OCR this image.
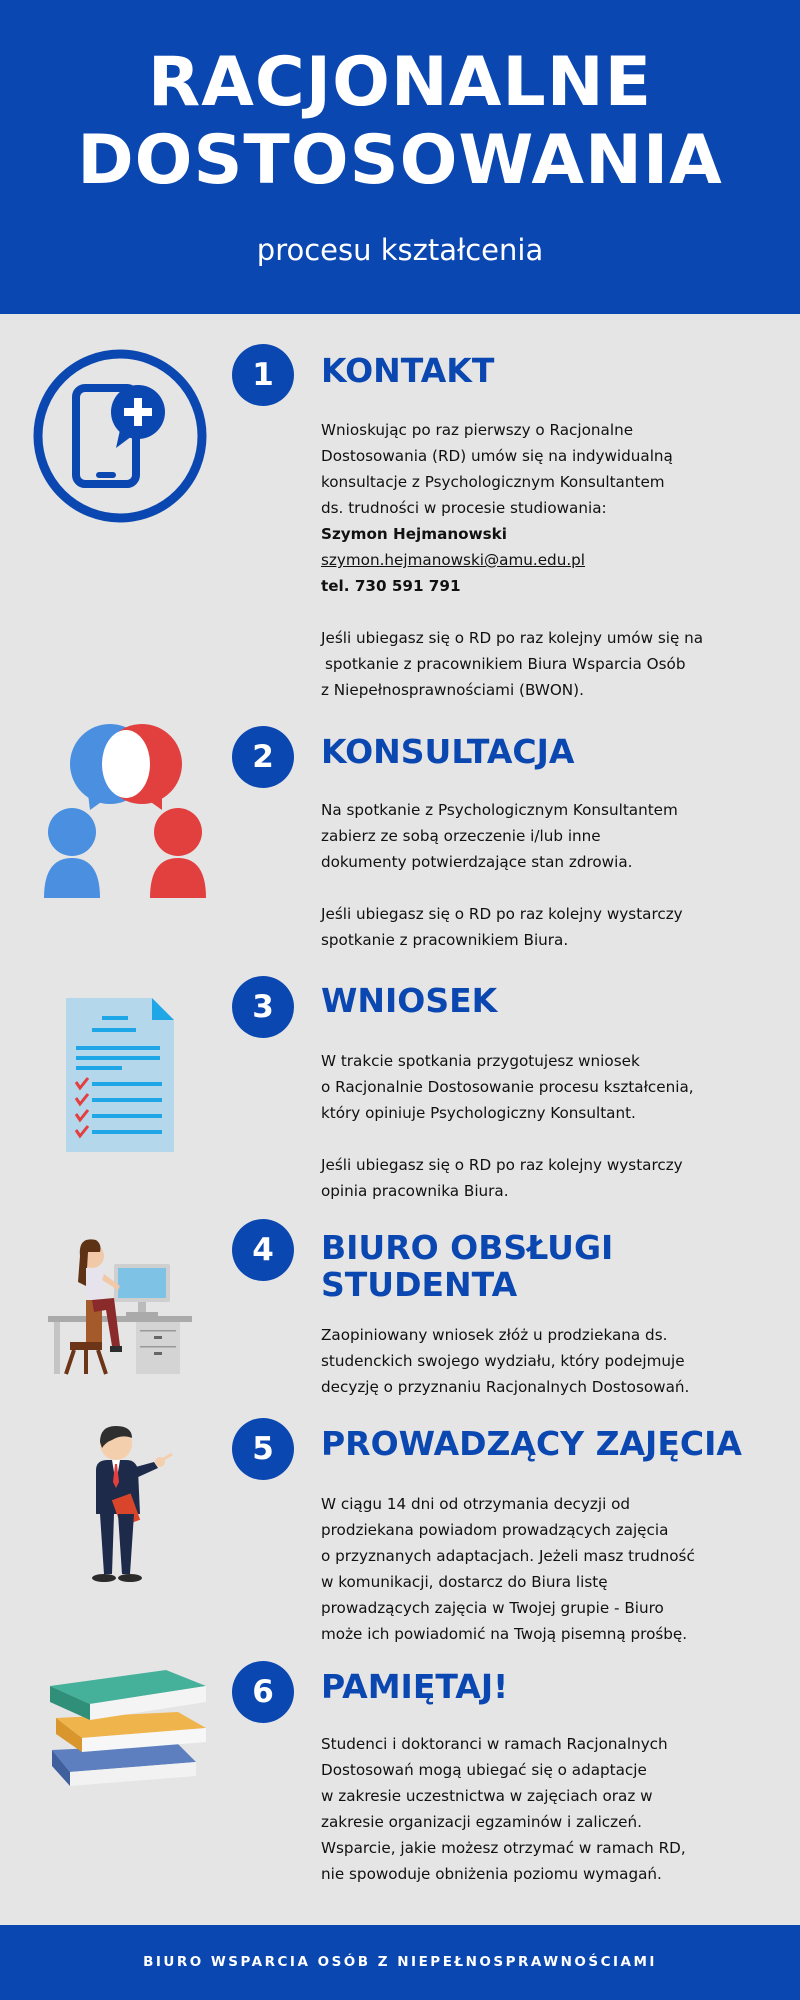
RACJONALNE
DOSTOSOWANIA
procesu kształcenia
1	KONTAKT

Wnioskując po raz pierwszy o Racjonalne

Dostosowania (RD) umów się na indywidualną

konsultacje z Psychologicznym Konsultantem

ds. trudności w procesie studiowania:

Szymon Hejmanowski

szymon.hejmanowski@amu.edu.pl

tel. 730 591 791

Jeśli ubiegasz się o RD po raz kolejny umów się na

spotkanie z pracownikiem Biura Wsparcia Osób

z Niepełnosprawnościami (BWON).

2	KONSULTACJA

Na spotkanie z Psychologicznym Konsultantem

zabierz ze sobą orzeczenie i/lub inne

dokumenty potwierdzające stan zdrowia.

Jeśli ubiegasz się o RD po raz kolejny wystarczy

spotkanie z pracownikiem Biura.

3	WNIOSEK

W trakcie spotkania przygotujesz wniosek

o Racjonalnie Dostosowanie procesu kształcenia,

który opiniuje Psychologiczny Konsultant.

Jeśli ubiegasz się o RD po raz kolejny wystarczy

opinia pracownika Biura.

4	BIURO OBSŁUGI
STUDENTA

Zaopiniowany wniosek złóż u prodziekana ds.

studenckich swojego wydziału, który podejmuje

decyzję o przyznaniu Racjonalnych Dostosowań.

5	PROWADZĄCY ZAJĘCIA

W ciągu 14 dni od otrzymania decyzji od

prodziekana powiadom prowadzących zajęcia

o przyznanych adaptacjach. Jeżeli masz trudność

w komunikacji, dostarcz do Biura listę

prowadzących zajęcia w Twojej grupie - Biuro

może ich powiadomić na Twoją pisemną prośbę.

6	PAMIĘTAJ!

Studenci i doktoranci w ramach Racjonalnych

Dostosowań mogą ubiegać się o adaptacje

w zakresie uczestnictwa w zajęciach oraz w

zakresie organizacji egzaminów i zaliczeń.

Wsparcie, jakie możesz otrzymać w ramach RD,

nie spowoduje obniżenia poziomu wymagań.

BIURO WSPARCIA OSÓB Z NIEPEŁNOSPRAWNOŚCIAMI
